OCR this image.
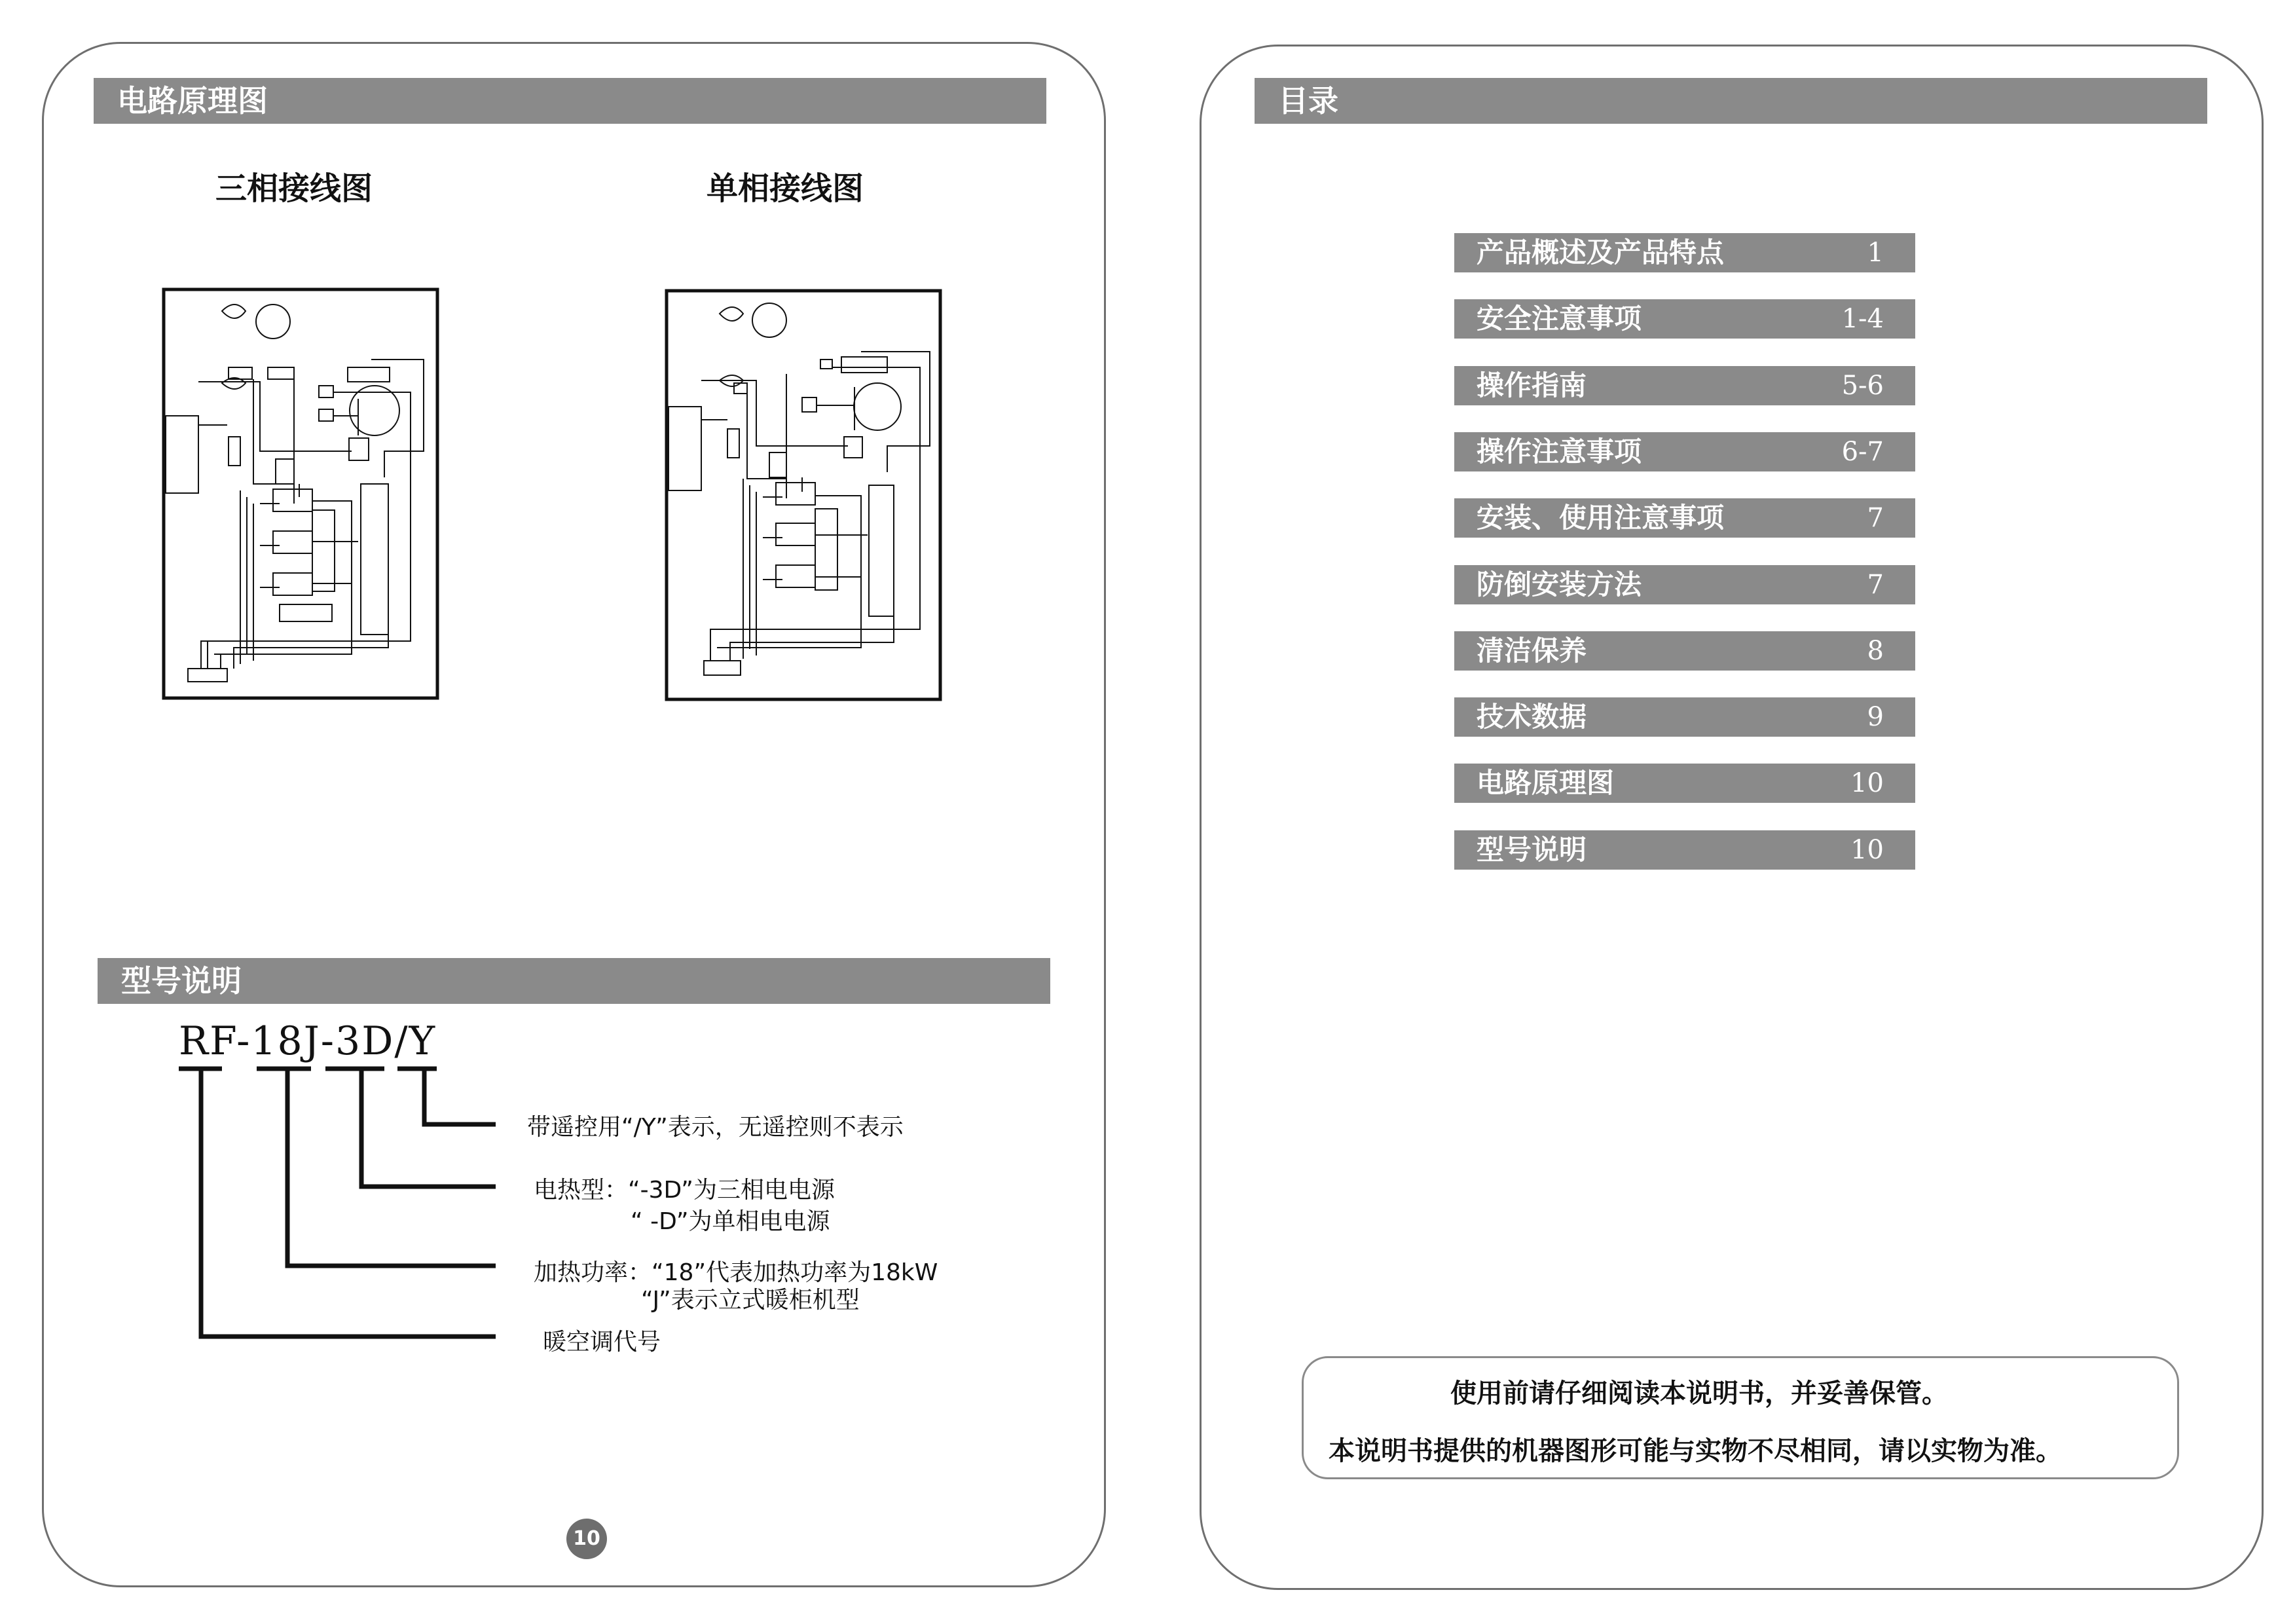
电路原理图
三相接线图	单相接线图
型号说明
RF-18J-3D/Y
带遥控用“/Y”表示，无遥控则不表示
电热型：“-3D”为三相电电源
“ -D”为单相电电源
加热功率：“18”代表加热功率为18kW
“J”表示立式暖柜机型
暖空调代号
10
目录
产品概述及产品特点	1
安全注意事项	1-4
操作指南	5-6
操作注意事项	6-7
安装、使用注意事项	7
防倒安装方法	7
清洁保养	8
技术数据	9
电路原理图	10
型号说明	10
使用前请仔细阅读本说明书，并妥善保管。
本说明书提供的机器图形可能与实物不尽相同，请以实物为准。
